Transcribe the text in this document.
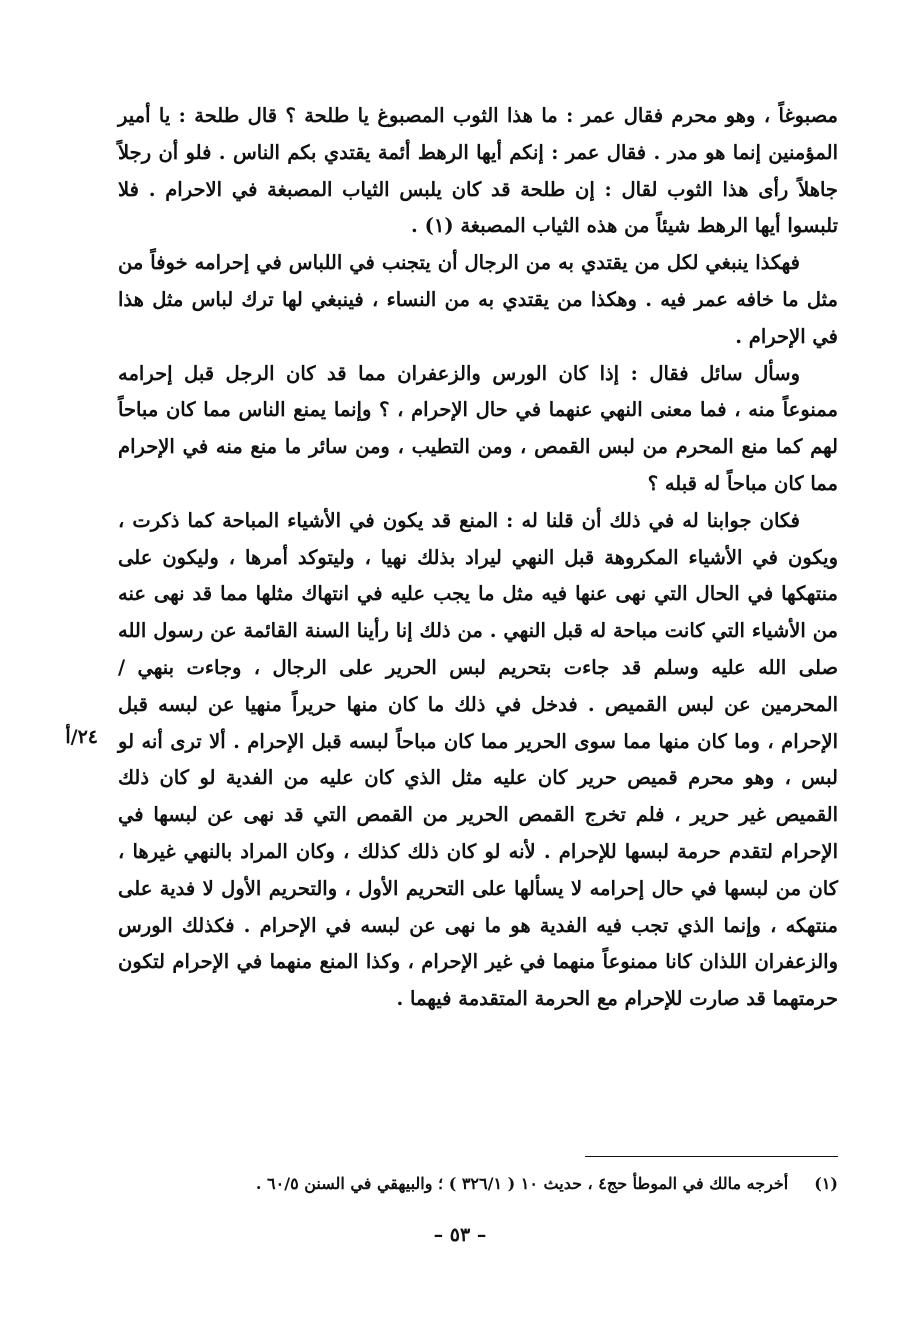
مصبوغاً ، وهو محرم فقال عمر : ما هذا الثوب المصبوغ يا طلحة ؟ قال طلحة : يا أمير المؤمنين إنما هو مدر . فقال عمر : إنكم أيها الرهط أئمة يقتدي بكم الناس . فلو أن رجلاً جاهلاً رأى هذا الثوب لقال : إن طلحة قد كان يلبس الثياب المصبغة في الاحرام . فلا تلبسوا أيها الرهط شيئاً من هذه الثياب المصبغة (١) .

فهكذا ينبغي لكل من يقتدي به من الرجال أن يتجنب في اللباس في إحرامه خوفاً من مثل ما خافه عمر فيه . وهكذا من يقتدي به من النساء ، فينبغي لها ترك لباس مثل هذا في الإحرام .

وسأل سائل فقال : إذا كان الورس والزعفران مما قد كان الرجل قبل إحرامه ممنوعاً منه ، فما معنى النهي عنهما في حال الإحرام ، ؟ وإنما يمنع الناس مما كان مباحاً لهم كما منع المحرم من لبس القمص ، ومن التطيب ، ومن سائر ما منع منه في الإحرام مما كان مباحاً له قبله ؟

فكان جوابنا له في ذلك أن قلنا له : المنع قد يكون في الأشياء المباحة كما ذكرت ، ويكون في الأشياء المكروهة قبل النهي ليراد بذلك نهيا ، وليتوكد أمرها ، وليكون على منتهكها في الحال التي نهى عنها فيه مثل ما يجب عليه في انتهاك مثلها مما قد نهى عنه من الأشياء التي كانت مباحة له قبل النهي . من ذلك إنا رأينا السنة القائمة عن رسول الله صلى الله عليه وسلم قد جاءت بتحريم لبس الحرير على الرجال ، وجاءت بنهي / المحرمين عن لبس القميص . فدخل في ذلك ما كان منها حريراً منهيا عن لبسه قبل الإحرام ، وما كان منها مما سوى الحرير مما كان مباحاً لبسه قبل الإحرام . ألا ترى أنه لو لبس ، وهو محرم قميص حرير كان عليه مثل الذي كان عليه من الفدية لو كان ذلك القميص غير حرير ، فلم تخرج القمص الحرير من القمص التي قد نهى عن لبسها في الإحرام لتقدم حرمة لبسها للإحرام . لأنه لو كان ذلك كذلك ، وكان المراد بالنهي غيرها ، كان من لبسها في حال إحرامه لا يسألها على التحريم الأول ، والتحريم الأول لا فدية على منتهكه ، وإنما الذي تجب فيه الفدية هو ما نهى عن لبسه في الإحرام . فكذلك الورس والزعفران اللذان كانا ممنوعاً منهما في غير الإحرام ، وكذا المنع منهما في الإحرام لتكون حرمتهما قد صارت للإحرام مع الحرمة المتقدمة فيهما .

٢٤/أ
(١)أخرجه مالك في الموطأ حج٤ ، حديث ١٠ ( ٣٢٦/١ ) ؛ والبيهقي في السنن ٦٠/٥ .
– ٥٣ –
